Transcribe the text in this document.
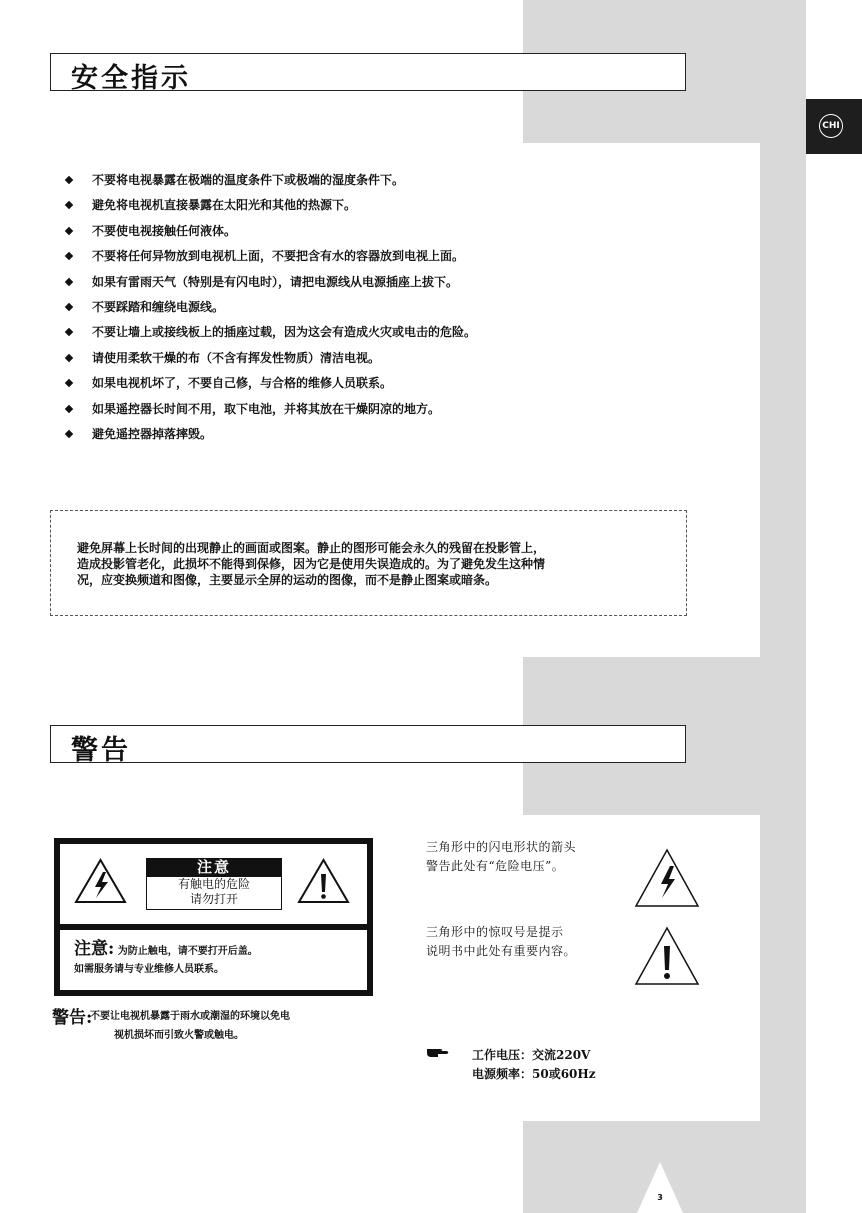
CHI
安全指示
不要将电视暴露在极端的温度条件下或极端的湿度条件下。
避免将电视机直接暴露在太阳光和其他的热源下。
不要使电视接触任何液体。
不要将任何异物放到电视机上面，不要把含有水的容器放到电视上面。
如果有雷雨天气（特别是有闪电时），请把电源线从电源插座上拔下。
不要踩踏和缠绕电源线。
不要让墙上或接线板上的插座过载，因为这会有造成火灾或电击的危险。
请使用柔软干燥的布（不含有挥发性物质）清洁电视。
如果电视机坏了，不要自己修，与合格的维修人员联系。
如果遥控器长时间不用，取下电池，并将其放在干燥阴凉的地方。
避免遥控器掉落摔毁。
避免屏幕上长时间的出现静止的画面或图案。静止的图形可能会永久的残留在投影管上，
造成投影管老化，此损坏不能得到保修，因为它是使用失误造成的。为了避免发生这种情
况，应变换频道和图像，主要显示全屏的运动的图像，而不是静止图案或暗条。
警告
注意
有触电的危险
请勿打开
注意: 为防止触电，请不要打开后盖。
如需服务请与专业维修人员联系。
警告:
不要让电视机暴露于雨水或潮湿的环境以免电
视机损坏而引致火警或触电。
三角形中的闪电形状的箭头
警告此处有“危险电压”。
三角形中的惊叹号是提示
说明书中此处有重要内容。
工作电压：交流220V
电源频率：50或60Hz
3
